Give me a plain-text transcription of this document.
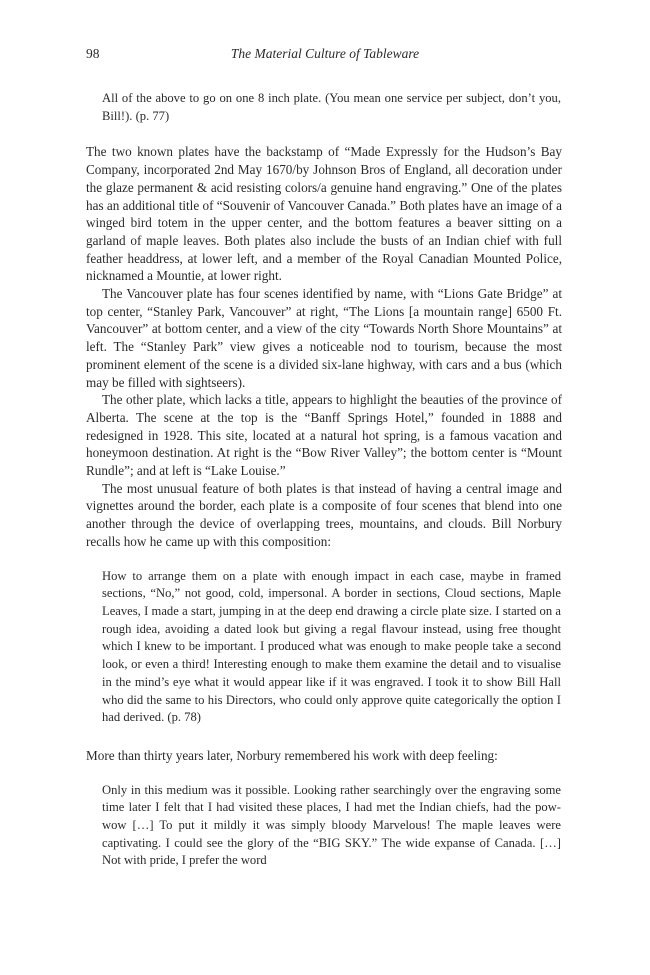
98	The Material Culture of Tableware

All of the above to go on one 8 inch plate. (You mean one service per subject, don’t you, Bill!). (p. 77)

The two known plates have the backstamp of “Made Expressly for the Hudson’s Bay Company, incorporated 2nd May 1670/by Johnson Bros of England, all decoration under the glaze permanent & acid resisting colors/a genuine hand engraving.” One of the plates has an additional title of “Souvenir of Vancouver Canada.” Both plates have an image of a winged bird totem in the upper center, and the bottom features a beaver sitting on a garland of maple leaves. Both plates also include the busts of an Indian chief with full feather headdress, at lower left, and a member of the Royal Canadian Mounted Police, nicknamed a Mountie, at lower right.

The Vancouver plate has four scenes identified by name, with “Lions Gate Bridge” at top center, “Stanley Park, Vancouver” at right, “The Lions [a mountain range] 6500 Ft. Vancouver” at bottom center, and a view of the city “Towards North Shore Mountains” at left. The “Stanley Park” view gives a noticeable nod to tourism, because the most prominent element of the scene is a divided six-lane highway, with cars and a bus (which may be filled with sightseers).

The other plate, which lacks a title, appears to highlight the beauties of the province of Alberta. The scene at the top is the “Banff Springs Hotel,” founded in 1888 and redesigned in 1928. This site, located at a natural hot spring, is a famous vacation and honeymoon destination. At right is the “Bow River Valley”; the bottom center is “Mount Rundle”; and at left is “Lake Louise.”

The most unusual feature of both plates is that instead of having a central image and vignettes around the border, each plate is a composite of four scenes that blend into one another through the device of overlapping trees, mountains, and clouds. Bill Norbury recalls how he came up with this composition:

How to arrange them on a plate with enough impact in each case, maybe in framed sections, “No,” not good, cold, impersonal. A border in sections, Cloud sections, Maple Leaves, I made a start, jumping in at the deep end drawing a circle plate size. I started on a rough idea, avoiding a dated look but giving a regal flavour instead, using free thought which I knew to be important. I produced what was enough to make people take a second look, or even a third! Interesting enough to make them examine the detail and to visualise in the mind’s eye what it would appear like if it was engraved. I took it to show Bill Hall who did the same to his Directors, who could only approve quite categorically the option I had derived. (p. 78)

More than thirty years later, Norbury remembered his work with deep feeling:

Only in this medium was it possible. Looking rather searchingly over the engraving some time later I felt that I had visited these places, I had met the Indian chiefs, had the pow-wow […] To put it mildly it was simply bloody Marvelous! The maple leaves were captivating. I could see the glory of the “BIG SKY.” The wide expanse of Canada. […] Not with pride, I prefer the word
